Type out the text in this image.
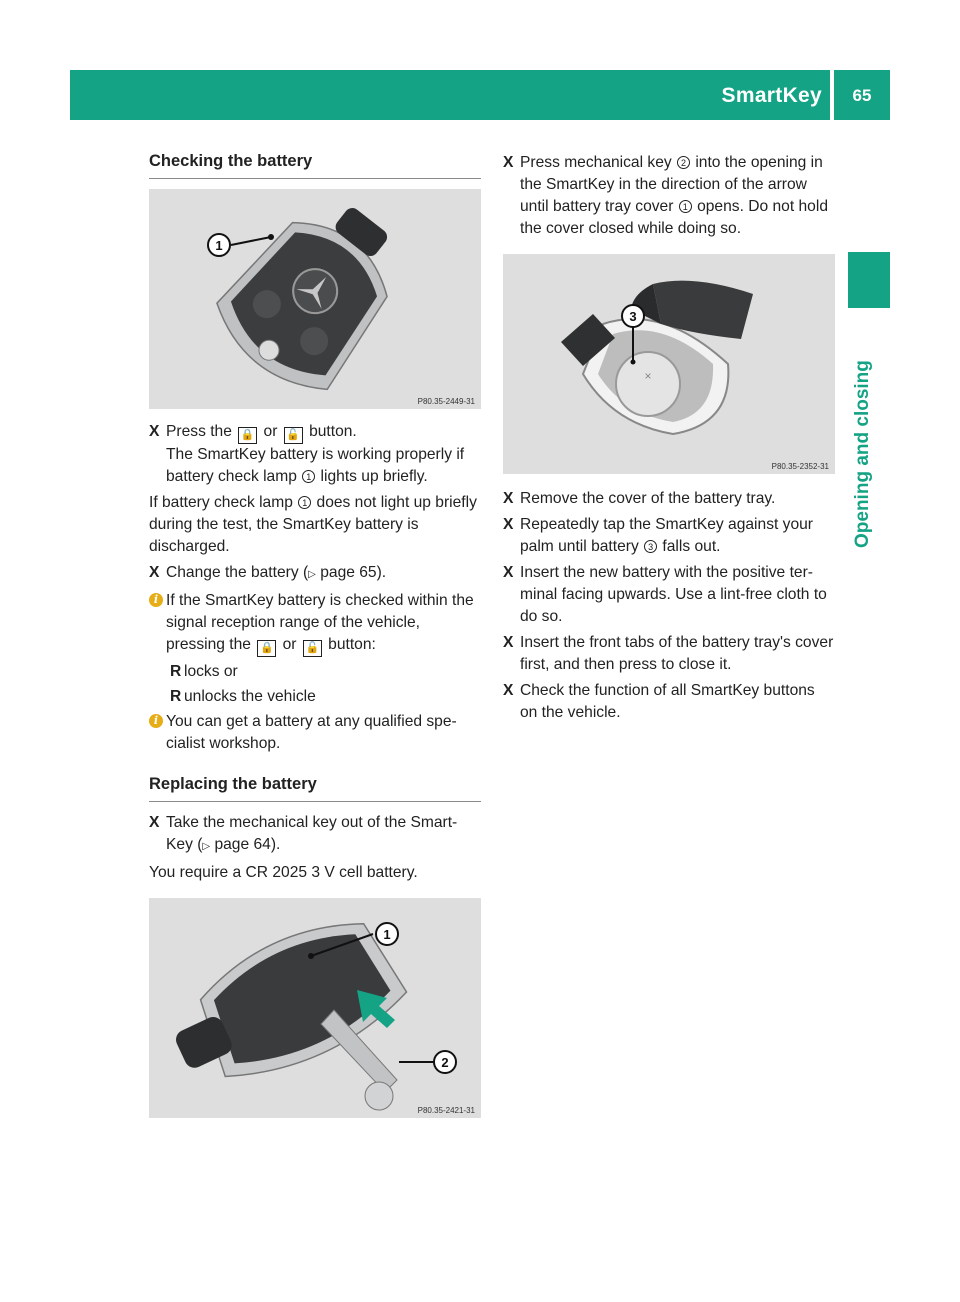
SmartKey	65
Opening and closing
Checking the battery
1
P80.35-2449-31
X Press the 🔒 or 🔓 button.
The SmartKey battery is working properly if battery check lamp 1 lights up briefly.
If battery check lamp 1 does not light up briefly during the test, the SmartKey battery is discharged.
X Change the battery (▷ page 65).
i If the SmartKey battery is checked within the signal reception range of the vehicle, pressing the 🔒 or 🔓 button:
R locks or
R unlocks the vehicle
i You can get a battery at any qualified spe-cialist workshop.
Replacing the battery
X Take the mechanical key out of the Smart-Key (▷ page 64).
You require a CR 2025 3 V cell battery.
1
2
P80.35-2421-31
X Press mechanical key 2 into the opening in the SmartKey in the direction of the arrow until battery tray cover 1 opens. Do not hold the cover closed while doing so.
×
3
P80.35-2352-31
X Remove the cover of the battery tray.
X Repeatedly tap the SmartKey against your palm until battery 3 falls out.
X Insert the new battery with the positive ter-minal facing upwards. Use a lint-free cloth to do so.
X Insert the front tabs of the battery tray's cover first, and then press to close it.
X Check the function of all SmartKey buttons on the vehicle.
